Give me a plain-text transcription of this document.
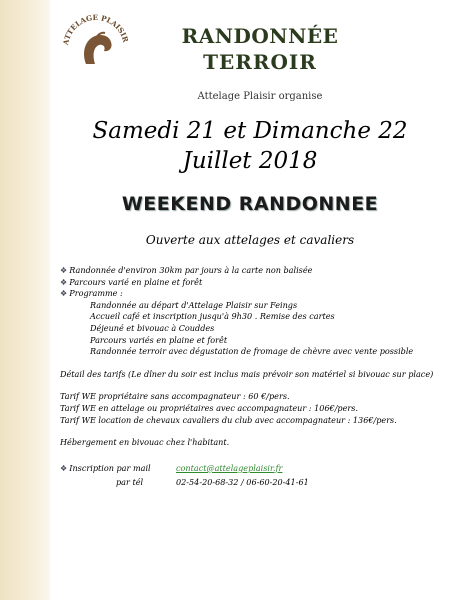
ATTELAGE PLAISIR	RANDONNÉE
TERROIR
Attelage Plaisir organise
Samedi 21 et Dimanche 22
Juillet 2018
WEEKEND RANDONNEE
Ouverte aux attelages et cavaliers
❖ Randonnée d'environ 30km par jours à la carte non balisée
❖ Parcours varié en plaine et forêt
❖ Programme :
Randonnée au départ d'Attelage Plaisir sur Feings
Accueil café et inscription jusqu'à 9h30 . Remise des cartes
Déjeuné et bivouac à Couddes
Parcours variés en plaine et forêt
Randonnée terroir avec dégustation de fromage de chèvre avec vente possible
Détail des tarifs (Le dîner du soir est inclus mais prévoir son matériel si bivouac sur place)
Tarif WE propriétaire sans accompagnateur : 60 €/pers.
Tarif WE en attelage ou propriétaires avec accompagnateur : 106€/pers.
Tarif WE location de chevaux cavaliers du club avec accompagnateur : 136€/pers.
Hébergement en bivouac chez l'habitant.
❖ Inscription par mail	contact@attelageplaisir.fr
par tél	02-54-20-68-32 / 06-60-20-41-61
